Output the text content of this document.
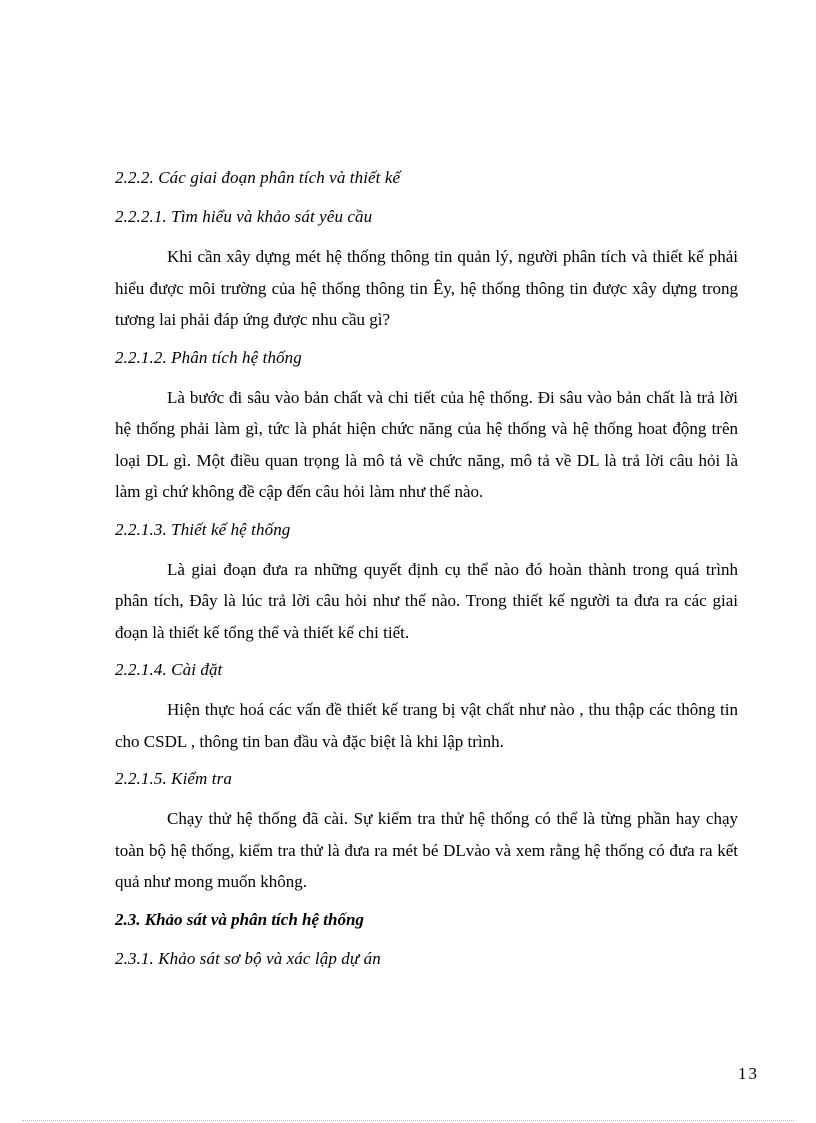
2.2.2. Các giai đoạn phân tích và thiết kế
2.2.2.1. Tìm hiểu và khảo sát yêu cầu

Khi cần xây dựng mét hệ thống thông tin quản lý, người phân tích và thiết kế phải hiểu được môi trường của hệ thống thông tin Êy, hệ thống thông tin được xây dựng trong tương lai phải đáp ứng được nhu cầu gì?

2.2.1.2. Phân tích hệ thống

Là bước đi sâu vào bản chất và chi tiết của hệ thống. Đi sâu vào bản chất là trả lời hệ thống phải làm gì, tức là phát hiện chức năng của hệ thống và hệ thống hoat động trên loại DL gì. Một điều quan trọng là mô tả về chức năng, mô tả về DL là trả lời câu hỏi là làm gì chứ không đề cập đến câu hỏi làm như thế nào.

2.2.1.3. Thiết kế hệ thống

Là giai đoạn đưa ra những quyết định cụ thể nào đó hoàn thành trong quá trình phân tích, Đây là lúc trả lời câu hỏi như thế nào. Trong thiết kế người ta đưa ra các giai đoạn là thiết kế tổng thể và thiết kế chi tiết.

2.2.1.4. Cài đặt

Hiện thực hoá các vấn đề thiết kế trang bị vật chất như nào , thu thập các thông tin cho CSDL , thông tin ban đầu và đặc biệt là khi lập trình.

2.2.1.5. Kiểm tra

Chạy thử hệ thống đã cài. Sự kiểm tra thử hệ thống có thể là từng phần hay chạy toàn bộ hệ thống, kiểm tra thử là đưa ra mét bé DLvào và xem rằng hệ thống có đưa ra kết quả như mong muốn không.

2.3. Khảo sát và phân tích hệ thống
2.3.1. Khảo sát sơ bộ và xác lập dự án
13
